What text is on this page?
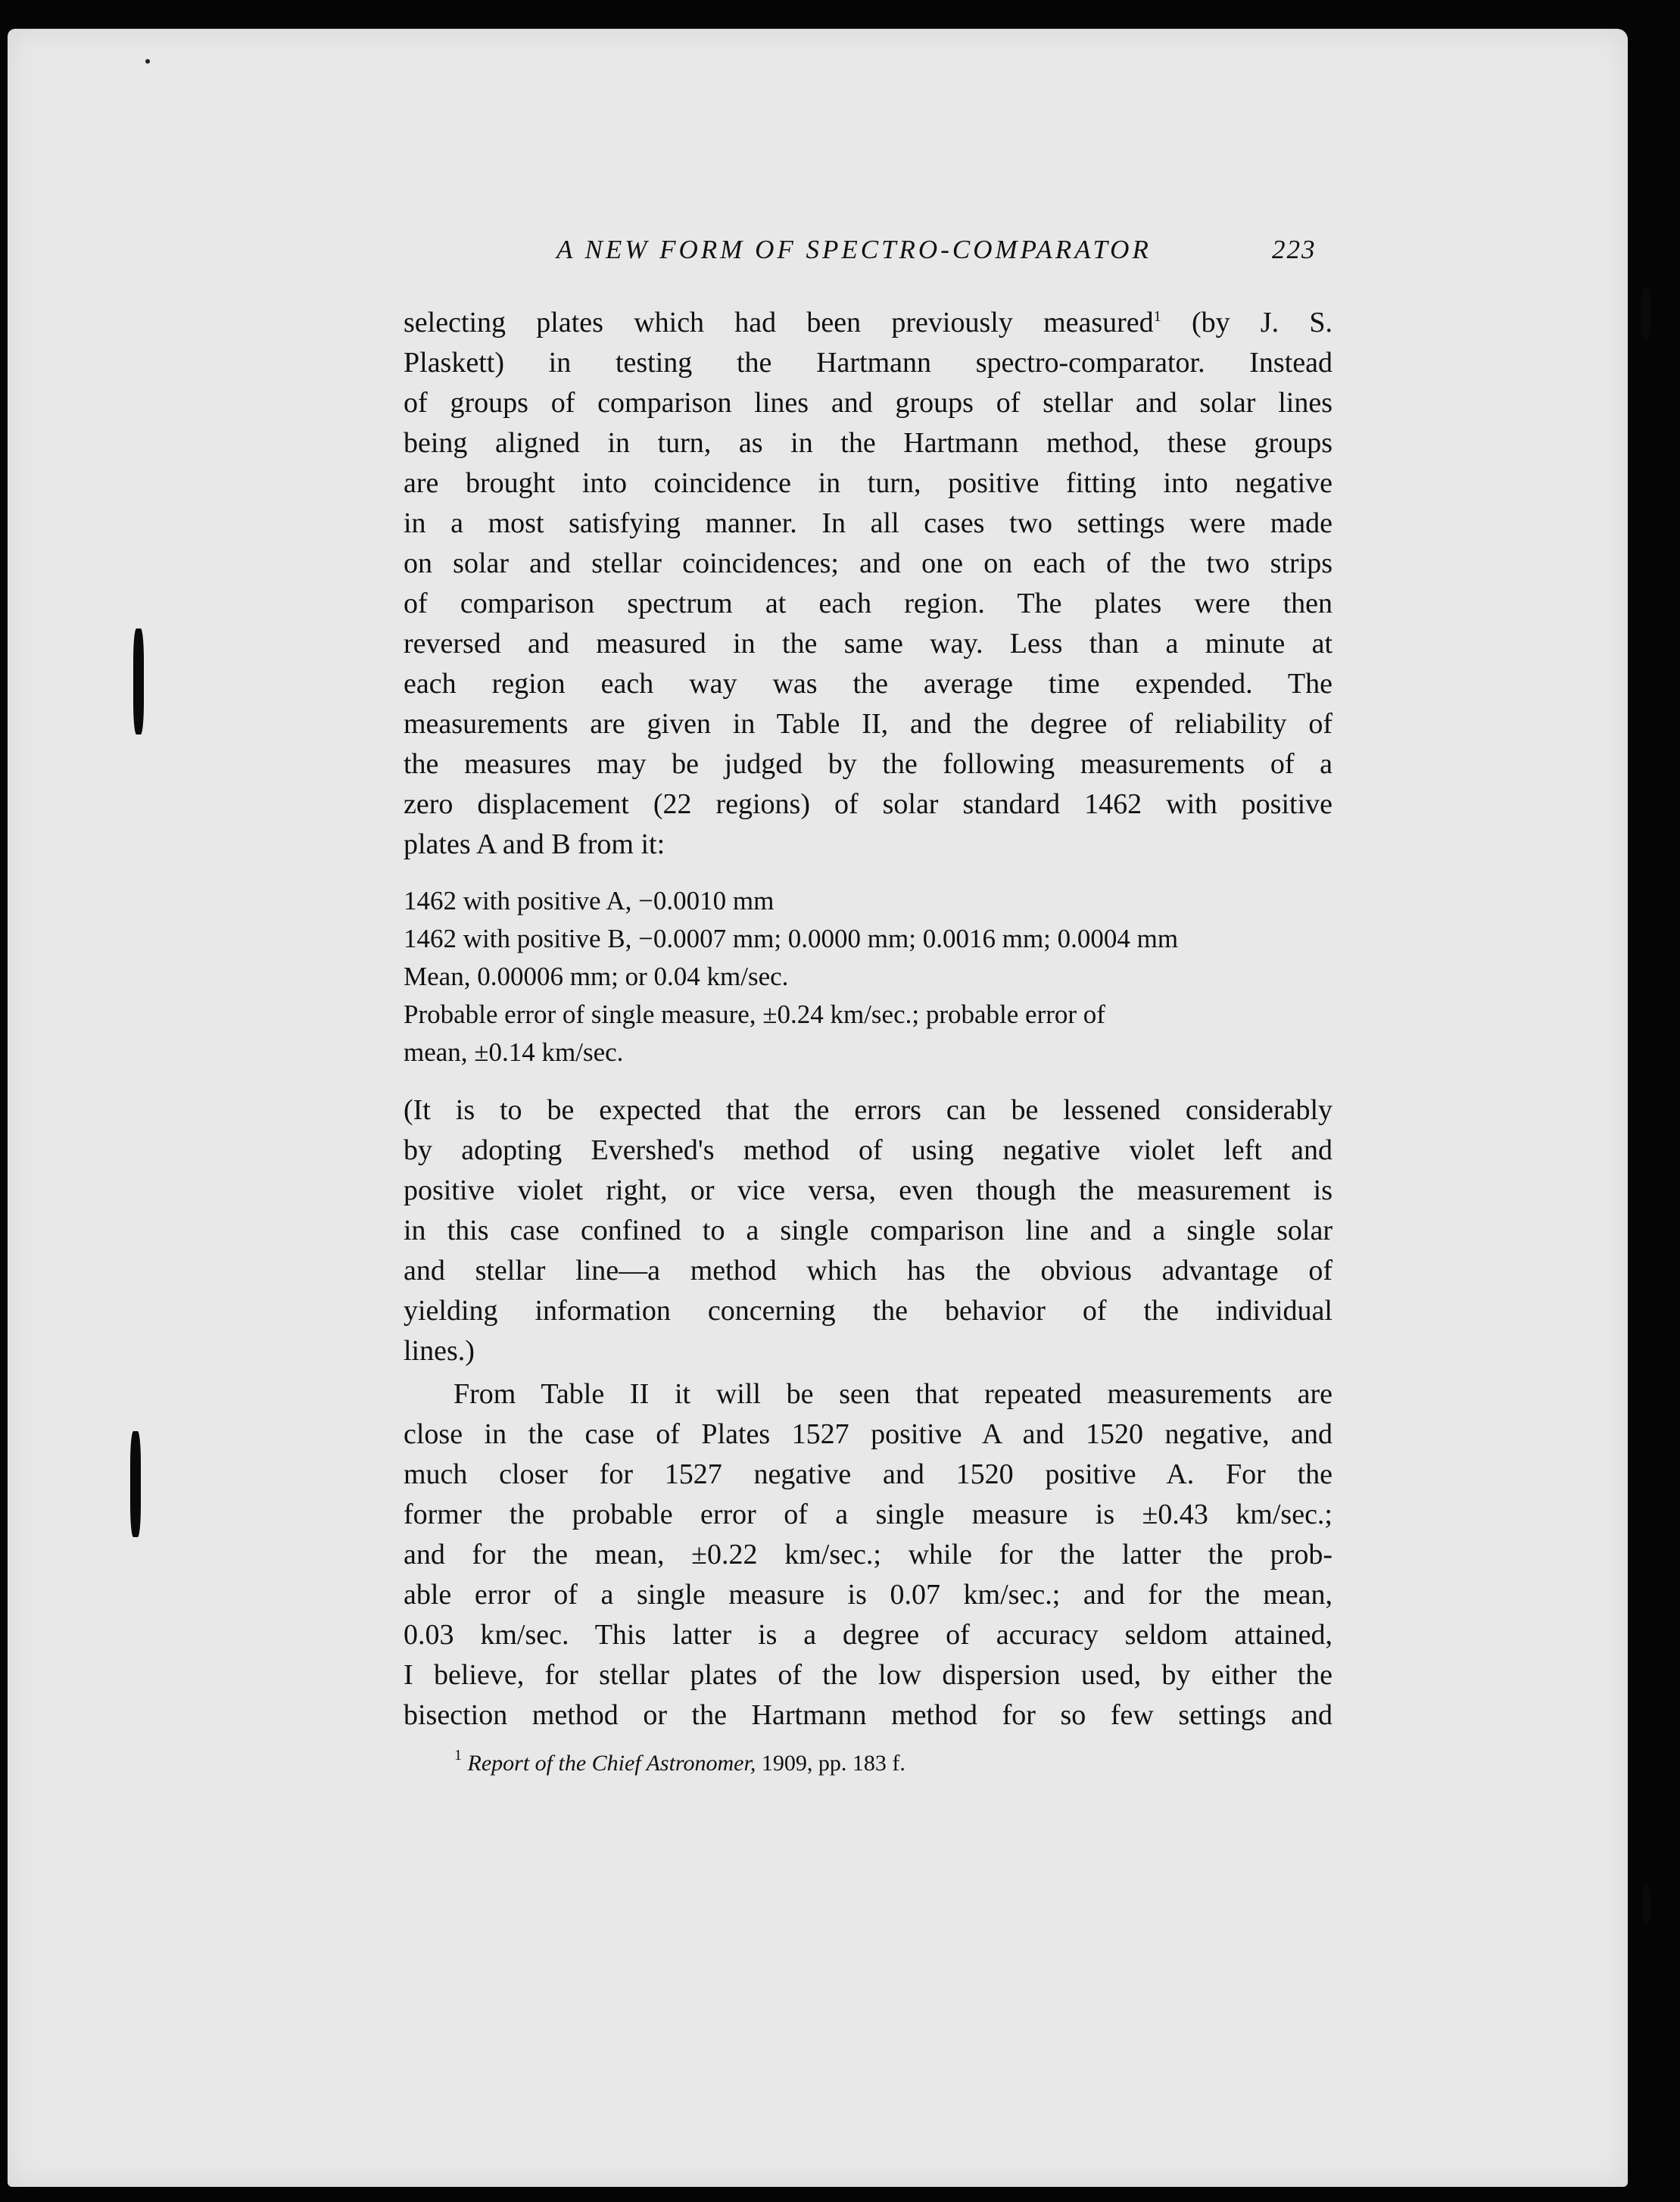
A NEW FORM OF SPECTRO-COMPARATOR	223

selecting plates which had been previously measured$^1$ (by J. S.
Plaskett) in testing the Hartmann spectro-comparator. Instead
of groups of comparison lines and groups of stellar and solar lines
being aligned in turn, as in the Hartmann method, these groups
are brought into coincidence in turn, positive fitting into negative
in a most satisfying manner. In all cases two settings were made
on solar and stellar coincidences; and one on each of the two strips
of comparison spectrum at each region. The plates were then
reversed and measured in the same way. Less than a minute at
each region each way was the average time expended. The
measurements are given in Table II, and the degree of reliability of
the measures may be judged by the following measurements of a
zero displacement (22 regions) of solar standard 1462 with positive
plates A and B from it:

1462 with positive A, −0.0010 mm
1462 with positive B, −0.0007 mm; 0.0000 mm; 0.0016 mm; 0.0004 mm
Mean, 0.00006 mm; or 0.04 km/sec.
Probable error of single measure, ±0.24 km/sec.; probable error of
mean, ±0.14 km/sec.

(It is to be expected that the errors can be lessened considerably
by adopting Evershed's method of using negative violet left and
positive violet right, or vice versa, even though the measurement is
in this case confined to a single comparison line and a single solar
and stellar line—a method which has the obvious advantage of
yielding information concerning the behavior of the individual
lines.)

From Table II it will be seen that repeated measurements are
close in the case of Plates 1527 positive A and 1520 negative, and
much closer for 1527 negative and 1520 positive A. For the
former the probable error of a single measure is ±0.43 km/sec.;
and for the mean, ±0.22 km/sec.; while for the latter the prob-
able error of a single measure is 0.07 km/sec.; and for the mean,
0.03 km/sec. This latter is a degree of accuracy seldom attained,
I believe, for stellar plates of the low dispersion used, by either the
bisection method or the Hartmann method for so few settings and

$^1$ Report of the Chief Astronomer, 1909, pp. 183 f.
